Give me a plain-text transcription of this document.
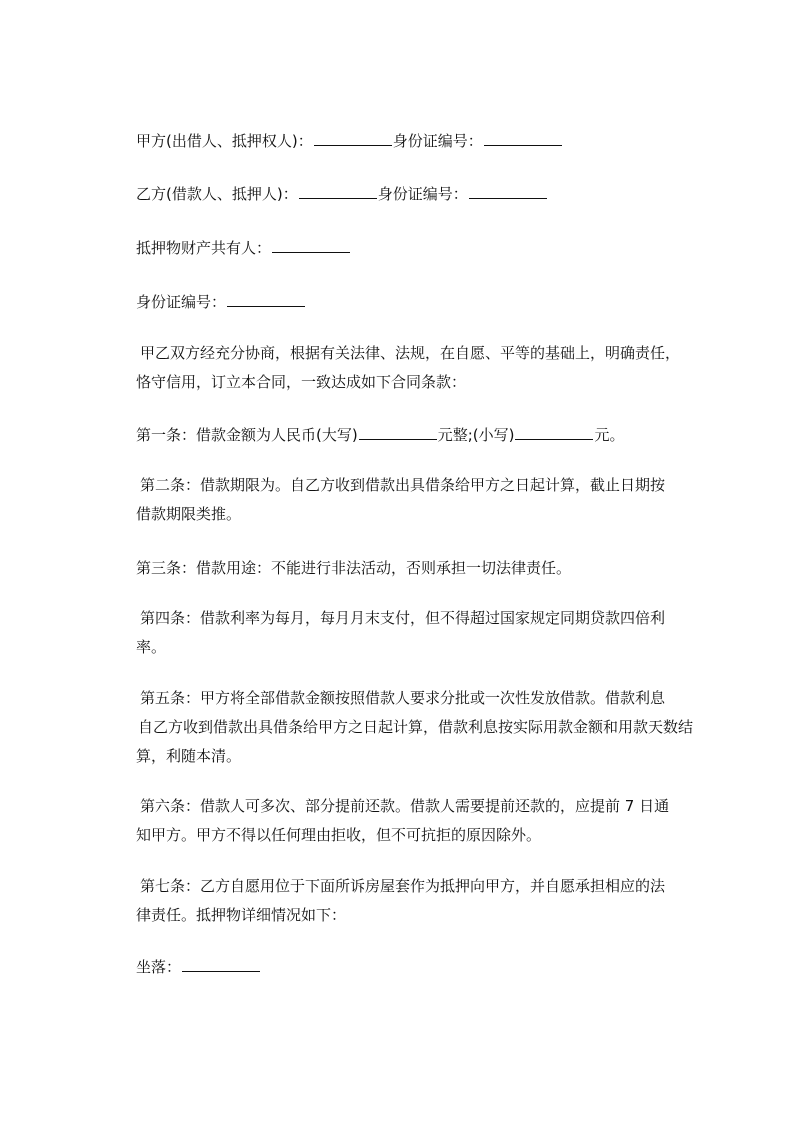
甲方(出借人、抵押权人)：	身份证编号：
乙方(借款人、抵押人)：	身份证编号：
抵押物财产共有人：
身份证编号：
甲乙双方经充分协商，根据有关法律、法规，在自愿、平等的基础上，明确责任，
恪守信用，订立本合同，一致达成如下合同条款：
第一条：借款金额为人民币(大写)	元整;(小写)	元。
第二条：借款期限为。自乙方收到借款出具借条给甲方之日起计算，截止日期按
借款期限类推。
第三条：借款用途：不能进行非法活动，否则承担一切法律责任。
第四条：借款利率为每月，每月月末支付，但不得超过国家规定同期贷款四倍利
率。
第五条：甲方将全部借款金额按照借款人要求分批或一次性发放借款。借款利息
自乙方收到借款出具借条给甲方之日起计算，借款利息按实际用款金额和用款天数结
算，利随本清。
第六条：借款人可多次、部分提前还款。借款人需要提前还款的，应提前 7 日通
知甲方。甲方不得以任何理由拒收，但不可抗拒的原因除外。
第七条：乙方自愿用位于下面所诉房屋套作为抵押向甲方，并自愿承担相应的法
律责任。抵押物详细情况如下：
坐落：
